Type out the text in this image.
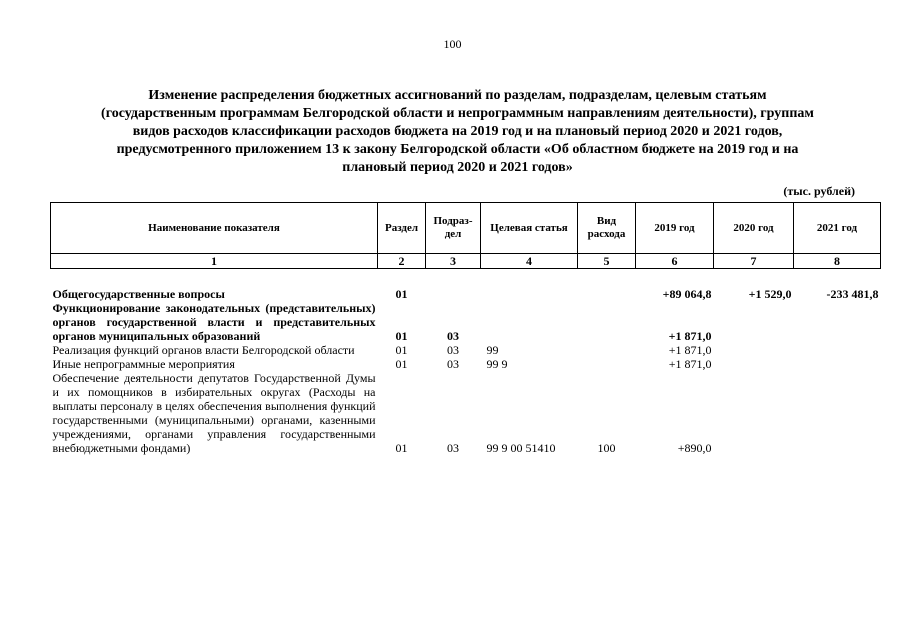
100
Изменение распределения бюджетных ассигнований по разделам, подразделам, целевым статьям
(государственным программам Белгородской области и непрограммным направлениям деятельности), группам
видов расходов классификации расходов бюджета на 2019 год и на плановый период 2020 и 2021 годов,
предусмотренного приложением 13 к закону Белгородской области «Об областном бюджете на 2019 год и на
плановый период 2020 и 2021 годов»
(тыс. рублей)
Наименование показателя	Раздел	Подраз-дел	Целевая статья	Вид расхода	2019 год	2020 год	2021 год
1	2	3	4	5	6	7	8

Общегосударственные вопросы	01				+89 064,8	+1 529,0	-233 481,8
Функционирование законодательных (представительных) органов государственной власти и представительных органов муниципальных образований	01	03			+1 871,0		
Реализация функций органов власти Белгородской области	01	03	99		+1 871,0		
Иные непрограммные мероприятия	01	03	99 9		+1 871,0		
Обеспечение деятельности депутатов Государственной Думы и их помощников в избирательных округах (Расходы на выплаты персоналу в целях обеспечения выполнения функций государственными (муниципальными) органами, казенными учреждениями, органами управления государственными внебюджетными фондами)	01	03	99 9 00 51410	100	+890,0		
